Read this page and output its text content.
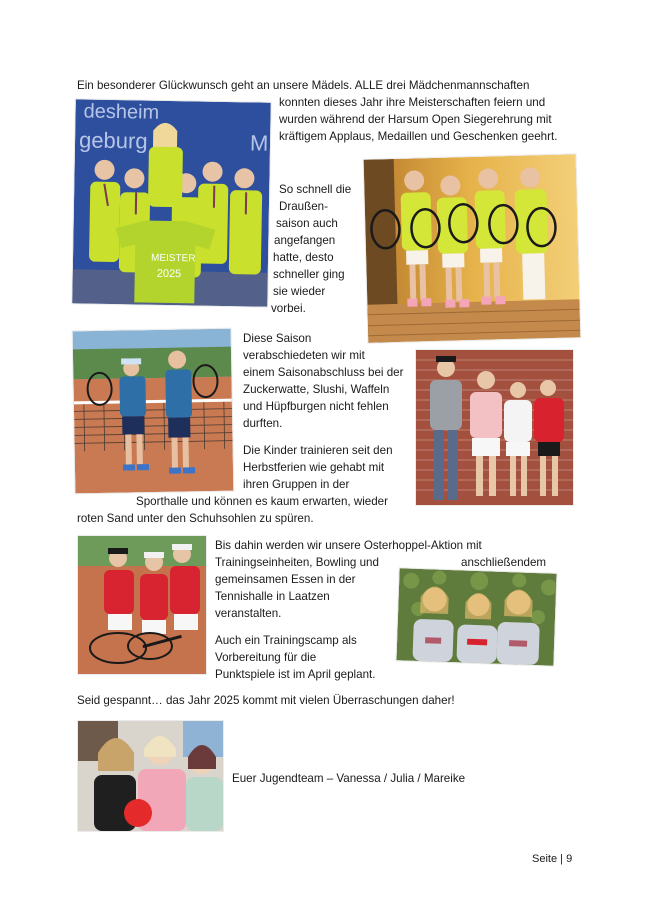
Ein besonderer Glückwunsch geht an unsere Mädels. ALLE drei Mädchenmannschaften

konnten dieses Jahr ihre Meisterschaften feiern und

wurden während der Harsum Open Siegerehrung mit

kräftigem Applaus, Medaillen und Geschenken geehrt.

So schnell die

Draußen-

saison auch

angefangen

hatte, desto

schneller ging

sie wieder

vorbei.

Diese Saison

verabschiedeten wir mit

einem Saisonabschluss bei der

Zuckerwatte, Slushi, Waffeln

und Hüpfburgen nicht fehlen

durften.

Die Kinder trainieren seit den

Herbstferien wie gehabt mit

ihren Gruppen in der

Sporthalle und können es kaum erwarten, wieder

roten Sand unter den Schuhsohlen zu spüren.

Bis dahin werden wir unsere Osterhoppel-Aktion mit

Trainingseinheiten, Bowling und	anschließendem

gemeinsamen Essen in der

Tennishalle in Laatzen

veranstalten.

Auch ein Trainingscamp als

Vorbereitung für die

Punktspiele ist im April geplant.

Seid gespannt… das Jahr 2025 kommt mit vielen Überraschungen daher!

Euer Jugendteam – Vanessa / Julia / Mareike

Seite | 9

desheim
geburg	M
MEISTER
2025
